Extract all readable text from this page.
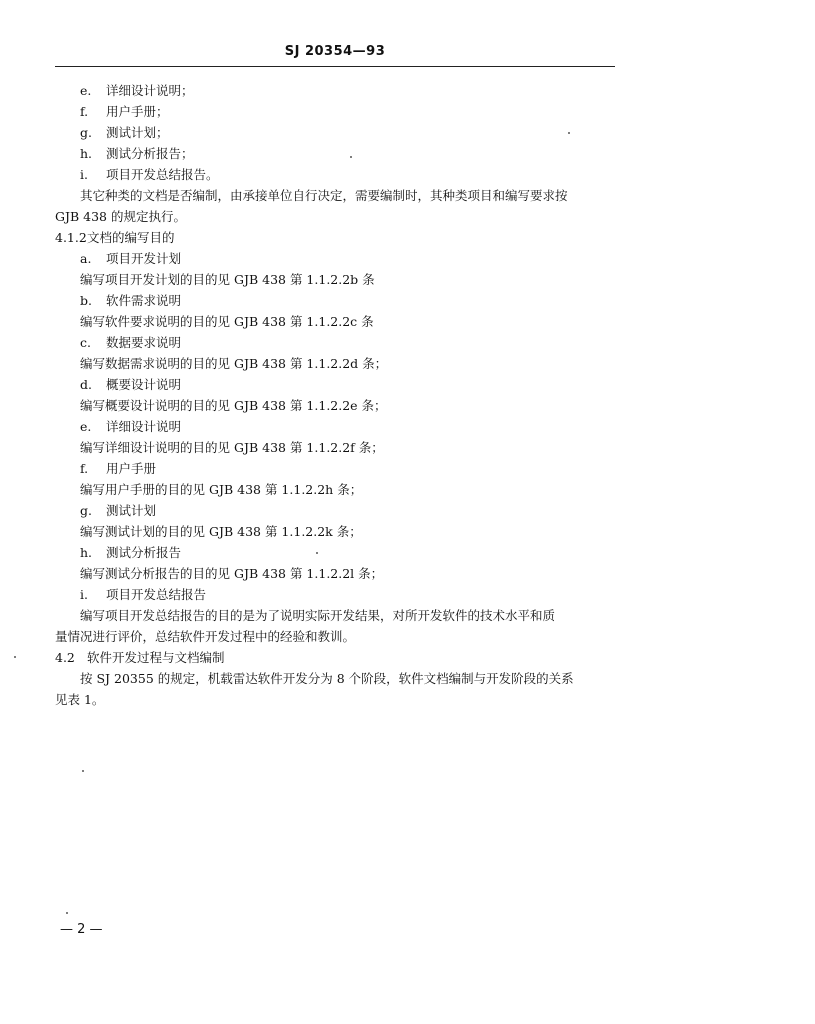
SJ 20354—93
e. 详细设计说明；
f. 用户手册；
g. 测试计划；
h. 测试分析报告；
i. 项目开发总结报告。
其它种类的文档是否编制，由承接单位自行决定，需要编制时，其种类项目和编写要求按
GJB 438 的规定执行。
4.1.2文档的编写目的
a. 项目开发计划
编写项目开发计划的目的见 GJB 438 第 1.1.2.2b 条
b. 软件需求说明
编写软件要求说明的目的见 GJB 438 第 1.1.2.2c 条
c. 数据要求说明
编写数据需求说明的目的见 GJB 438 第 1.1.2.2d 条；
d. 概要设计说明
编写概要设计说明的目的见 GJB 438 第 1.1.2.2e 条；
e. 详细设计说明
编写详细设计说明的目的见 GJB 438 第 1.1.2.2f 条；
f. 用户手册
编写用户手册的目的见 GJB 438 第 1.1.2.2h 条；
g. 测试计划
编写测试计划的目的见 GJB 438 第 1.1.2.2k 条；
h. 测试分析报告
编写测试分析报告的目的见 GJB 438 第 1.1.2.2l 条；
i. 项目开发总结报告
编写项目开发总结报告的目的是为了说明实际开发结果，对所开发软件的技术水平和质
量情况进行评价，总结软件开发过程中的经验和教训。
4.2 软件开发过程与文档编制
按 SJ 20355 的规定，机载雷达软件开发分为 8 个阶段，软件文档编制与开发阶段的关系
见表 1。
— 2 —
